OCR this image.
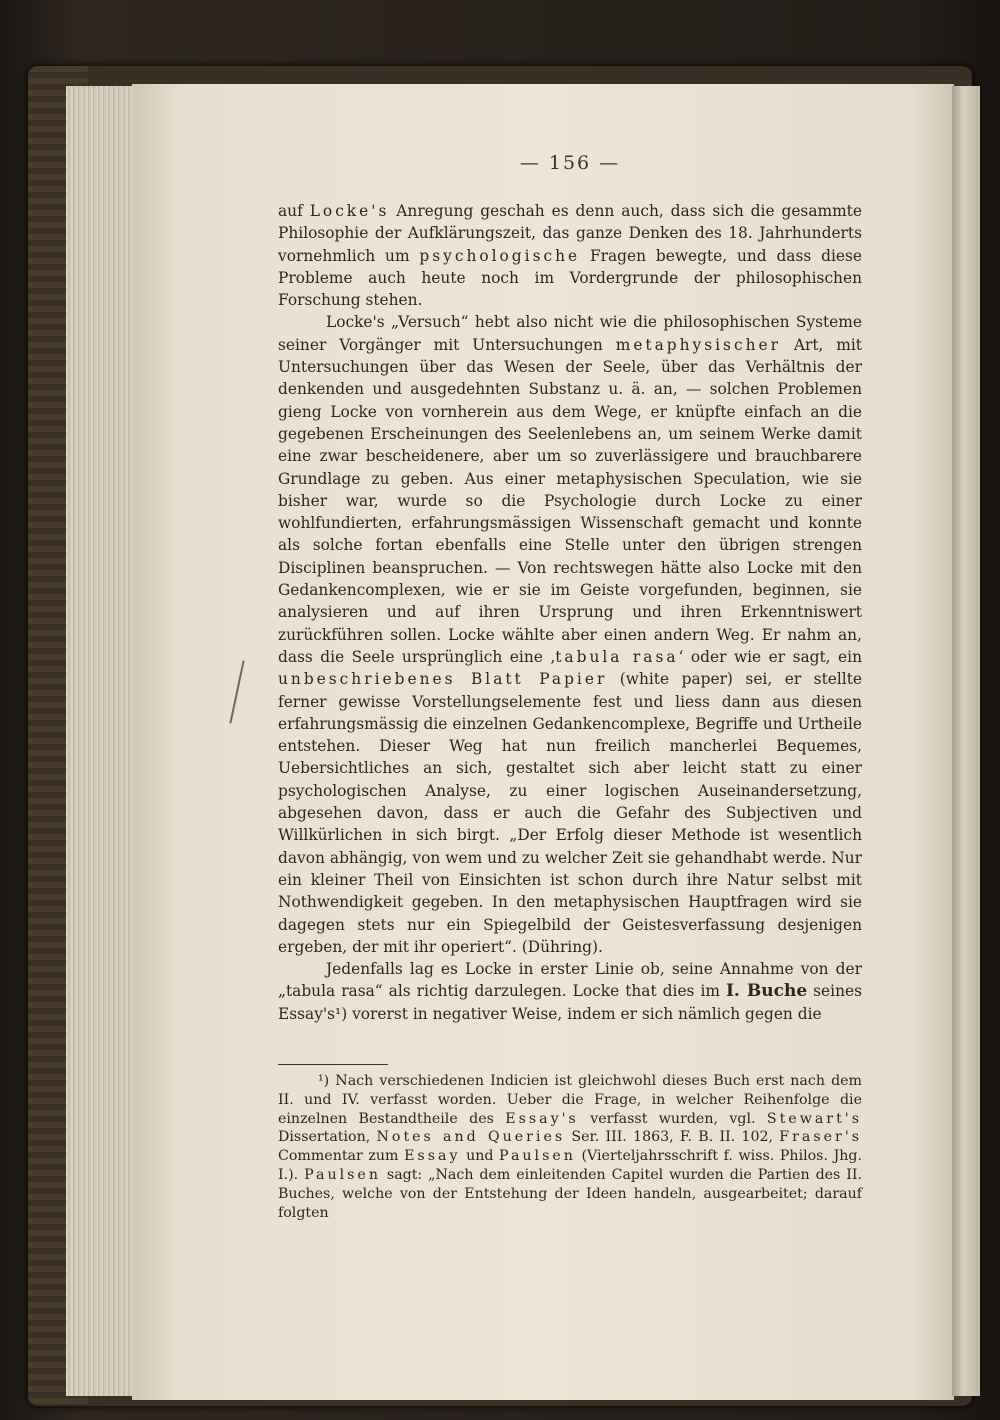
— 156 —

auf Locke's Anregung geschah es denn auch, dass sich die gesammte Philosophie der Aufklärungszeit, das ganze Denken des 18. Jahrhunderts vornehmlich um psychologische Fragen bewegte, und dass diese Probleme auch heute noch im Vordergrunde der philosophischen Forschung stehen.

Locke's „Versuch“ hebt also nicht wie die philosophischen Systeme seiner Vorgänger mit Untersuchungen metaphysischer Art, mit Untersuchungen über das Wesen der Seele, über das Verhältnis der denkenden und ausgedehnten Substanz u. ä. an, — solchen Problemen gieng Locke von vornherein aus dem Wege, er knüpfte einfach an die gegebenen Erscheinungen des Seelenlebens an, um seinem Werke damit eine zwar bescheidenere, aber um so zuverlässigere und brauchbarere Grundlage zu geben. Aus einer metaphysischen Speculation, wie sie bisher war, wurde so die Psychologie durch Locke zu einer wohlfundierten, erfahrungsmässigen Wissenschaft gemacht und konnte als solche fortan ebenfalls eine Stelle unter den übrigen strengen Disciplinen beanspruchen. — Von rechtswegen hätte also Locke mit den Gedankencomplexen, wie er sie im Geiste vorgefunden, beginnen, sie analysieren und auf ihren Ursprung und ihren Erkenntniswert zurückführen sollen. Locke wählte aber einen andern Weg. Er nahm an, dass die Seele ursprünglich eine ‚tabula rasa‘ oder wie er sagt, ein unbeschriebenes Blatt Papier (white paper) sei, er stellte ferner gewisse Vorstellungselemente fest und liess dann aus diesen erfahrungsmässig die einzelnen Gedankencomplexe, Begriffe und Urtheile entstehen. Dieser Weg hat nun freilich mancherlei Bequemes, Uebersichtliches an sich, gestaltet sich aber leicht statt zu einer psychologischen Analyse, zu einer logischen Auseinandersetzung, abgesehen davon, dass er auch die Gefahr des Subjectiven und Willkürlichen in sich birgt. „Der Erfolg dieser Methode ist wesentlich davon abhängig, von wem und zu welcher Zeit sie gehandhabt werde. Nur ein kleiner Theil von Einsichten ist schon durch ihre Natur selbst mit Nothwendigkeit gegeben. In den metaphysischen Hauptfragen wird sie dagegen stets nur ein Spiegelbild der Geistesverfassung desjenigen ergeben, der mit ihr operiert“. (Dühring).

Jedenfalls lag es Locke in erster Linie ob, seine Annahme von der „tabula rasa“ als richtig darzulegen. Locke that dies im I. Buche seines Essay's¹) vorerst in negativer Weise, indem er sich nämlich gegen die

¹) Nach verschiedenen Indicien ist gleichwohl dieses Buch erst nach dem II. und IV. verfasst worden. Ueber die Frage, in welcher Reihenfolge die einzelnen Bestandtheile des Essay's verfasst wurden, vgl. Stewart's Dissertation, Notes and Queries Ser. III. 1863, F. B. II. 102, Fraser's Commentar zum Essay und Paulsen (Vierteljahrsschrift f. wiss. Philos. Jhg. I.). Paulsen sagt: „Nach dem einleitenden Capitel wurden die Partien des II. Buches, welche von der Entstehung der Ideen handeln, ausgearbeitet; darauf folgten
